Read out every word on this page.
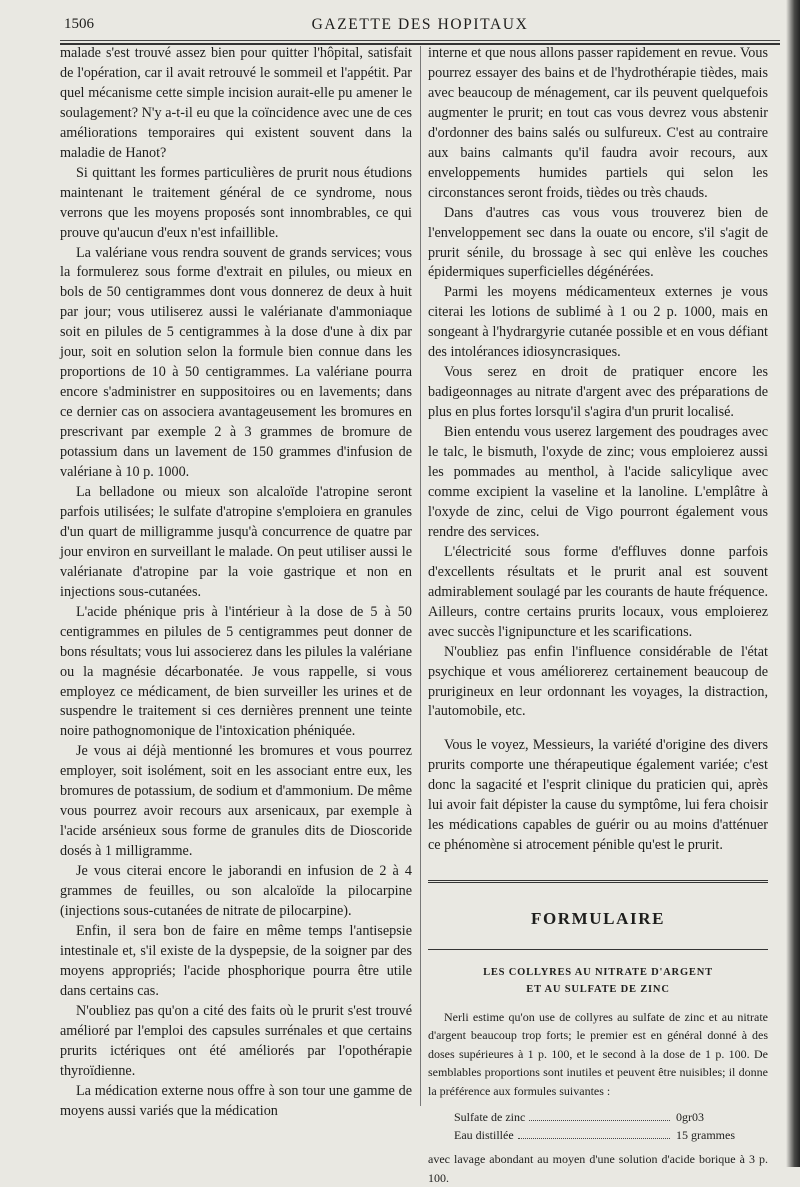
1506	GAZETTE DES HOPITAUX

malade s'est trouvé assez bien pour quitter l'hôpital, satisfait de l'opération, car il avait retrouvé le sommeil et l'appétit. Par quel mécanisme cette simple incision aurait-elle pu amener le soulagement? N'y a-t-il eu que la coïncidence avec une de ces améliorations temporaires qui existent souvent dans la maladie de Hanot?

Si quittant les formes particulières de prurit nous étudions maintenant le traitement général de ce syndrome, nous verrons que les moyens proposés sont innombrables, ce qui prouve qu'aucun d'eux n'est infaillible.

La valériane vous rendra souvent de grands services; vous la formulerez sous forme d'extrait en pilules, ou mieux en bols de 50 centigrammes dont vous donnerez de deux à huit par jour; vous utiliserez aussi le valérianate d'ammoniaque soit en pilules de 5 centigrammes à la dose d'une à dix par jour, soit en solution selon la formule bien connue dans les proportions de 10 à 50 centigrammes. La valériane pourra encore s'administrer en suppositoires ou en lavements; dans ce dernier cas on associera avantageusement les bromures en prescrivant par exemple 2 à 3 grammes de bromure de potassium dans un lavement de 150 grammes d'infusion de valériane à 10 p. 1000.

La belladone ou mieux son alcaloïde l'atropine seront parfois utilisées; le sulfate d'atropine s'emploiera en granules d'un quart de milligramme jusqu'à concurrence de quatre par jour environ en surveillant le malade. On peut utiliser aussi le valérianate d'atropine par la voie gastrique et non en injections sous-cutanées.

L'acide phénique pris à l'intérieur à la dose de 5 à 50 centigrammes en pilules de 5 centigrammes peut donner de bons résultats; vous lui associerez dans les pilules la valériane ou la magnésie décarbonatée. Je vous rappelle, si vous employez ce médicament, de bien surveiller les urines et de suspendre le traitement si ces dernières prennent une teinte noire pathognomonique de l'intoxication phéniquée.

Je vous ai déjà mentionné les bromures et vous pourrez employer, soit isolément, soit en les associant entre eux, les bromures de potassium, de sodium et d'ammonium. De même vous pourrez avoir recours aux arsenicaux, par exemple à l'acide arsénieux sous forme de granules dits de Dioscoride dosés à 1 milligramme.

Je vous citerai encore le jaborandi en infusion de 2 à 4 grammes de feuilles, ou son alcaloïde la pilocarpine (injections sous-cutanées de nitrate de pilocarpine).

Enfin, il sera bon de faire en même temps l'antisepsie intestinale et, s'il existe de la dyspepsie, de la soigner par des moyens appropriés; l'acide phosphorique pourra être utile dans certains cas.

N'oubliez pas qu'on a cité des faits où le prurit s'est trouvé amélioré par l'emploi des capsules surrénales et que certains prurits ictériques ont été améliorés par l'opothérapie thyroïdienne.

La médication externe nous offre à son tour une gamme de moyens aussi variés que la médication

interne et que nous allons passer rapidement en revue. Vous pourrez essayer des bains et de l'hydrothérapie tièdes, mais avec beaucoup de ménagement, car ils peuvent quelquefois augmenter le prurit; en tout cas vous devrez vous abstenir d'ordonner des bains salés ou sulfureux. C'est au contraire aux bains calmants qu'il faudra avoir recours, aux enveloppements humides partiels qui selon les circonstances seront froids, tièdes ou très chauds.

Dans d'autres cas vous vous trouverez bien de l'enveloppement sec dans la ouate ou encore, s'il s'agit de prurit sénile, du brossage à sec qui enlève les couches épidermiques superficielles dégénérées.

Parmi les moyens médicamenteux externes je vous citerai les lotions de sublimé à 1 ou 2 p. 1000, mais en songeant à l'hydrargyrie cutanée possible et en vous défiant des intolérances idiosyncrasiques.

Vous serez en droit de pratiquer encore les badigeonnages au nitrate d'argent avec des préparations de plus en plus fortes lorsqu'il s'agira d'un prurit localisé.

Bien entendu vous userez largement des poudrages avec le talc, le bismuth, l'oxyde de zinc; vous emploierez aussi les pommades au menthol, à l'acide salicylique avec comme excipient la vaseline et la lanoline. L'emplâtre à l'oxyde de zinc, celui de Vigo pourront également vous rendre des services.

L'électricité sous forme d'effluves donne parfois d'excellents résultats et le prurit anal est souvent admirablement soulagé par les courants de haute fréquence. Ailleurs, contre certains prurits locaux, vous emploierez avec succès l'ignipuncture et les scarifications.

N'oubliez pas enfin l'influence considérable de l'état psychique et vous améliorerez certainement beaucoup de prurigineux en leur ordonnant les voyages, la distraction, l'automobile, etc.

Vous le voyez, Messieurs, la variété d'origine des divers prurits comporte une thérapeutique également variée; c'est donc la sagacité et l'esprit clinique du praticien qui, après lui avoir fait dépister la cause du symptôme, lui fera choisir les médications capables de guérir ou au moins d'atténuer ce phénomène si atrocement pénible qu'est le prurit.

FORMULAIRE
LES COLLYRES AU NITRATE D'ARGENT
ET AU SULFATE DE ZINC

Nerli estime qu'on use de collyres au sulfate de zinc et au nitrate d'argent beaucoup trop forts; le premier est en général donné à des doses supérieures à 1 p. 100, et le second à la dose de 1 p. 100. De semblables proportions sont inutiles et peuvent être nuisibles; il donne la préférence aux formules suivantes :

Sulfate de zinc	0gr03
Eau distillée	15 grammes

avec lavage abondant au moyen d'une solution d'acide borique à 3 p. 100.
